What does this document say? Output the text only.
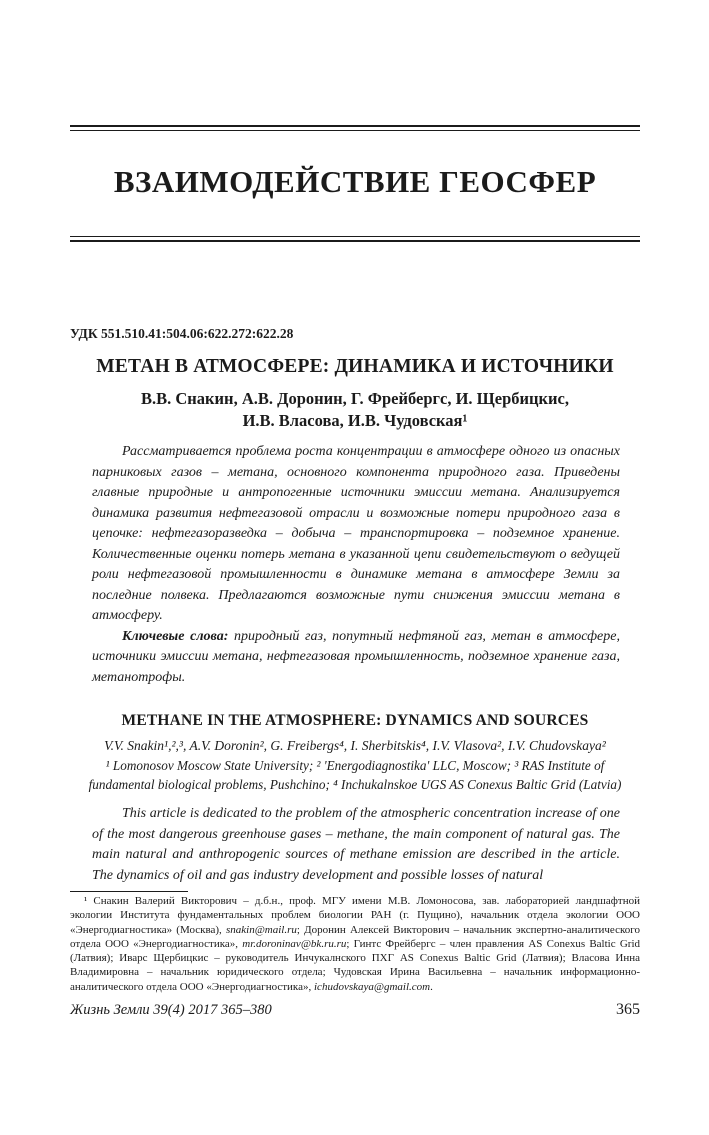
ВЗАИМОДЕЙСТВИЕ ГЕОСФЕР

УДК 551.510.41:504.06:622.272:622.28

МЕТАН В АТМОСФЕРЕ: ДИНАМИКА И ИСТОЧНИКИ

В.В. Снакин, А.В. Доронин, Г. Фрейбергс, И. Щербицкис,
И.В. Власова, И.В. Чудовская¹

Рассматривается проблема роста концентрации в атмосфере одного из опасных парниковых газов – метана, основного компонента природного газа. Приведены главные природные и антропогенные источники эмиссии метана. Анализируется динамика развития нефтегазовой отрасли и возможные потери природного газа в цепочке: нефтегазоразведка – добыча – транспортировка – подземное хранение. Количественные оценки потерь метана в указанной цепи свидетельствуют о ведущей роли нефтегазовой промышленности в динамике метана в атмосфере Земли за последние полвека. Предлагаются возможные пути снижения эмиссии метана в атмосферу.

Ключевые слова: природный газ, попутный нефтяной газ, метан в атмосфере, источники эмиссии метана, нефтегазовая промышленность, подземное хранение газа, метанотрофы.

METHANE IN THE ATMOSPHERE: DYNAMICS AND SOURCES

V.V. Snakin¹,²,³, A.V. Doronin², G. Freibergs⁴, I. Sherbitskis⁴, I.V. Vlasova², I.V. Chudovskaya²

¹ Lomonosov Moscow State University; ² 'Energodiagnostika' LLC, Moscow; ³ RAS Institute of fundamental biological problems, Pushchino; ⁴ Inchukalnskoe UGS AS Conexus Baltic Grid (Latvia)

This article is dedicated to the problem of the atmospheric concentration increase of one of the most dangerous greenhouse gases – methane, the main component of natural gas. The main natural and anthropogenic sources of methane emission are described in the article. The dynamics of oil and gas industry development and possible losses of natural

¹ Снакин Валерий Викторович – д.б.н., проф. МГУ имени М.В. Ломоносова, зав. лабораторией ландшафтной экологии Института фундаментальных проблем биологии РАН (г. Пущино), начальник отдела экологии ООО «Энергодиагностика» (Москва), snakin@mail.ru; Доронин Алексей Викторович – начальник экспертно-аналитического отдела ООО «Энергодиагностика», mr.doroninav@bk.ru.ru; Гинтс Фрейбергс – член правления AS Conexus Baltic Grid (Латвия); Иварс Щербицкис – руководитель Инчукалнского ПХГ AS Conexus Baltic Grid (Латвия); Власова Инна Владимировна – начальник юридического отдела; Чудовская Ирина Васильевна – начальник информационно-аналитического отдела ООО «Энергодиагностика», ichudovskaya@gmail.com.

Жизнь Земли 39(4) 2017 365–380	365
